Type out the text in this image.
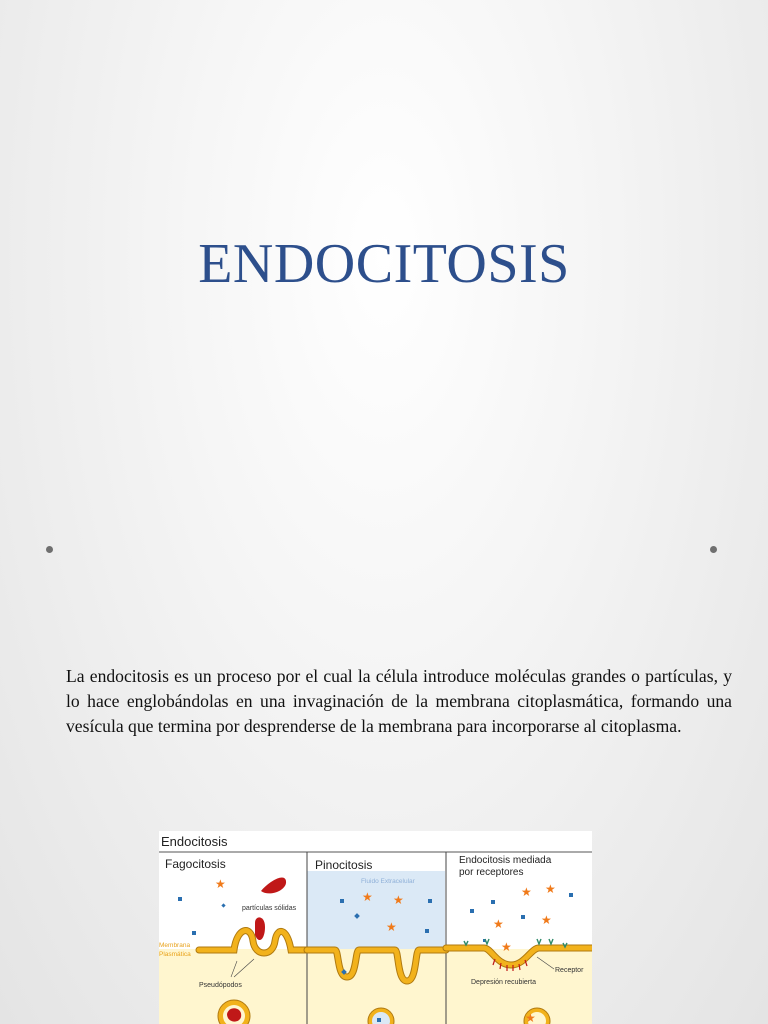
ENDOCITOSIS

La endocitosis es un proceso por el cual la célula introduce moléculas grandes o partículas, y lo hace englobándolas en una invaginación de la membrana citoplasmática, formando una vesícula que termina por desprenderse de la membrana para incorporarse al citoplasma.

Endocitosis
Fagocitosis	Pinocitosis	Endocitosis mediada
por receptores
partículas sólidas
Fluido Extracelular
Membrana
Plasmática
Pseudópodos
Receptor
Depresión recubierta
★
★
★
★
★
★
★
★
★
★
